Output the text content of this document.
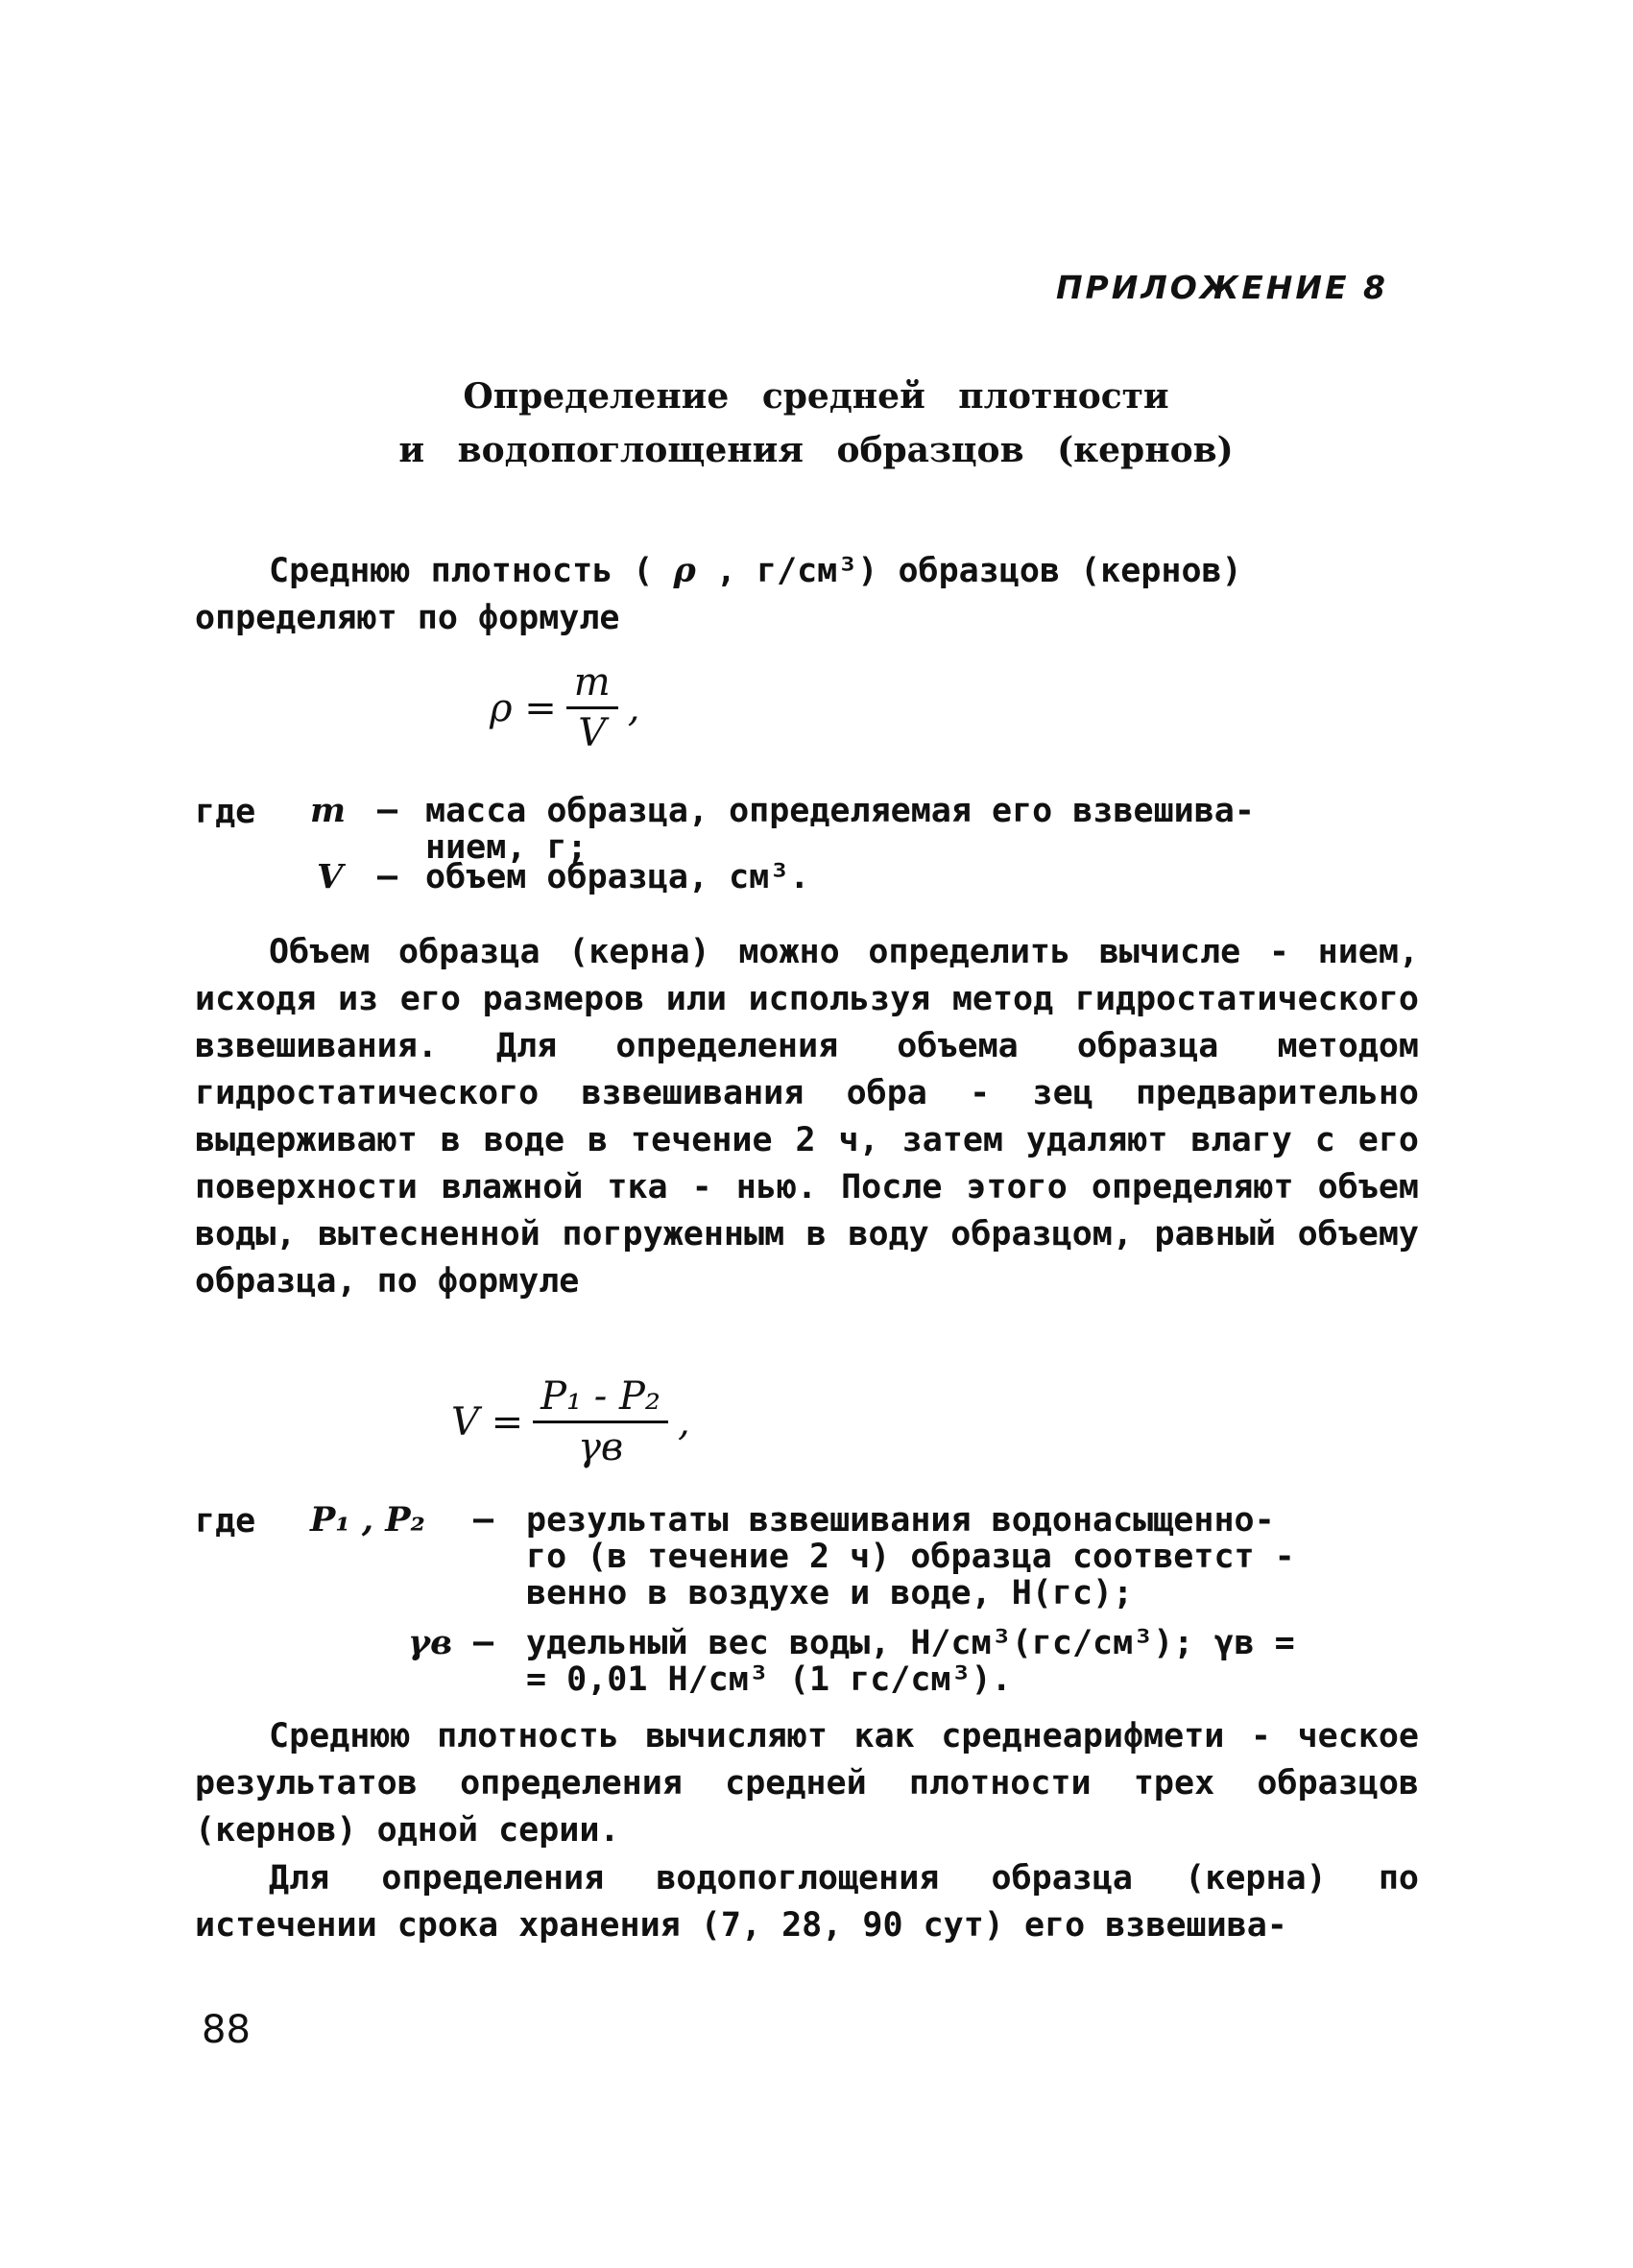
ПРИЛОЖЕНИЕ 8
Определение средней плотности
и водопоглощения образцов (кернов)
Среднюю плотность ( ρ , г/см³) образцов (кернов)
определяют по формуле
$\rho = \frac{m}{V}$ ,
где m – масса образца, определяемая его взвешива-
нием, г;
V – объем образца, см³.
Объем образца (керна) можно определить вычисле - нием, исходя из его размеров или используя метод гидростатического взвешивания. Для определения объема образца методом гидростатического взвешивания обра - зец предварительно выдерживают в воде в течение 2 ч, затем удаляют влагу с его поверхности влажной тка - нью. После этого определяют объем воды, вытесненной погруженным в воду образцом, равный объему образца, по формуле
$V = \frac{\text{P₁ - P₂}}{\gamma в}$ ,
где P₁ , P₂ – результаты взвешивания водонасыщенно-
го (в течение 2 ч) образца соответст -
венно в воздухе и воде, Н(гс);
γв – удельный вес воды, Н/см³(гс/см³); γв =
= 0,01 Н/см³ (1 гс/см³).
Среднюю плотность вычисляют как среднеарифмети - ческое результатов определения средней плотности трех образцов (кернов) одной серии.
Для определения водопоглощения образца (керна) по истечении срока хранения (7, 28, 90 сут) его взвешива-
88
